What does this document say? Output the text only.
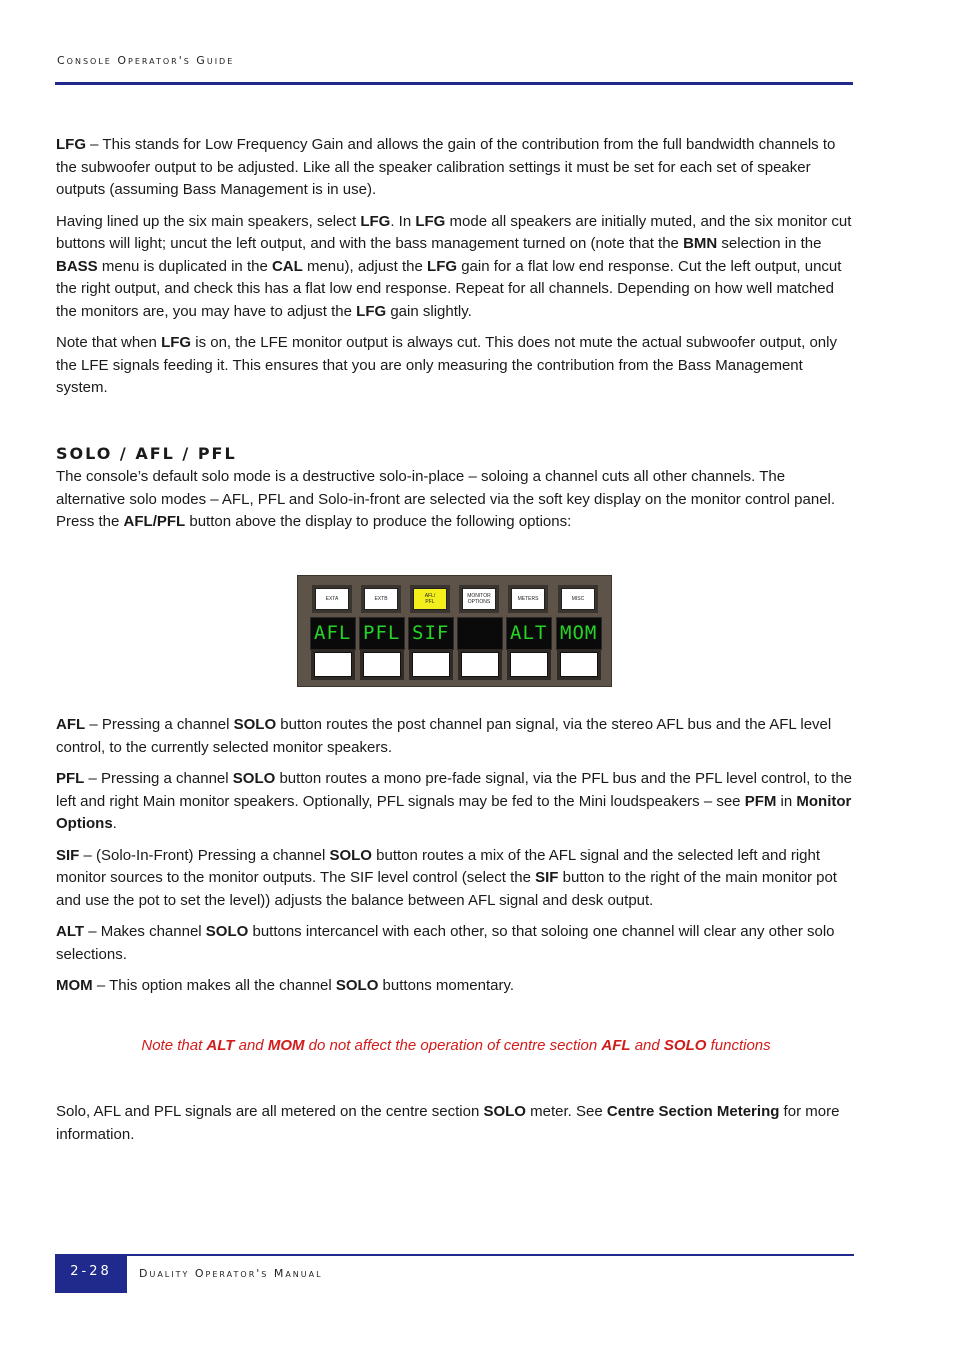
Console Operator's Guide

LFG – This stands for Low Frequency Gain and allows the gain of the contribution from the full bandwidth channels to the subwoofer output to be adjusted. Like all the speaker calibration settings it must be set for each set of speaker outputs (assuming Bass Management is in use).

Having lined up the six main speakers, select LFG. In LFG mode all speakers are initially muted, and the six monitor cut buttons will light; uncut the left output, and with the bass management turned on (note that the BMN selection in the BASS menu is duplicated in the CAL menu), adjust the LFG gain for a flat low end response. Cut the left output, uncut the right output, and check this has a flat low end response. Repeat for all channels. Depending on how well matched the monitors are, you may have to adjust the LFG gain slightly.

Note that when LFG is on, the LFE monitor output is always cut. This does not mute the actual subwoofer output, only the LFE signals feeding it. This ensures that you are only measuring the contribution from the Bass Management system.

SOLO / AFL / PFL

The console’s default solo mode is a destructive solo-in-place – soloing a channel cuts all other channels. The alternative solo modes – AFL, PFL and Solo-in-front are selected via the soft key display on the monitor control panel. Press the AFL/PFL button above the display to produce the following options:

EXTA
AFL
EXTB
PFL
AFL/
PFL
SIF
MONITOR
OPTIONS	METERS
ALT
MISC
MOM

AFL – Pressing a channel SOLO button routes the post channel pan signal, via the stereo AFL bus and the AFL level control, to the currently selected monitor speakers.

PFL – Pressing a channel SOLO button routes a mono pre-fade signal, via the PFL bus and the PFL level control, to the left and right Main monitor speakers. Optionally, PFL signals may be fed to the Mini loudspeakers – see PFM in Monitor Options.

SIF – (Solo-In-Front) Pressing a channel SOLO button routes a mix of the AFL signal and the selected left and right monitor sources to the monitor outputs. The SIF level control (select the SIF button to the right of the main monitor pot and use the pot to set the level)) adjusts the balance between AFL signal and desk output.

ALT – Makes channel SOLO buttons intercancel with each other, so that soloing one channel will clear any other solo selections.

MOM – This option makes all the channel SOLO buttons momentary.

Note that ALT and MOM do not affect the operation of centre section AFL and SOLO functions

Solo, AFL and PFL signals are all metered on the centre section SOLO meter. See Centre Section Metering for more information.

2-28	Duality Operator's Manual
